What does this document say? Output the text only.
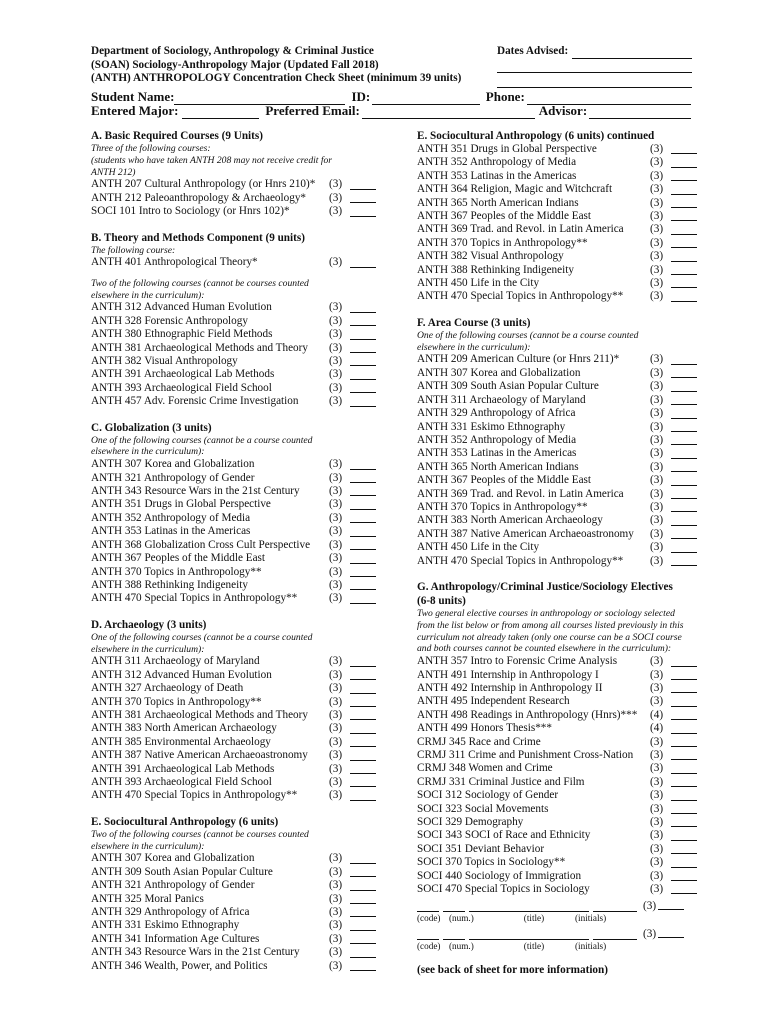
Department of Sociology, Anthropology & Criminal Justice
(SOAN) Sociology-Anthropology Major (Updated Fall 2018)
(ANTH) ANTHROPOLOGY Concentration Check Sheet (minimum 39 units)
Dates Advised:
Student Name:	ID:	Phone:
Entered Major:	Preferred Email:	Advisor:
A. Basic Required Courses (9 Units)
Three of the following courses:
(students who have taken ANTH 208 may not receive credit for
ANTH 212)
ANTH 207 Cultural Anthropology (or Hnrs 210)*	(3)
ANTH 212 Paleoanthropology & Archaeology*	(3)
SOCI 101 Intro to Sociology (or Hnrs 102)*	(3)
B. Theory and Methods Component (9 units)
The following course:
ANTH 401 Anthropological Theory*	(3)
Two of the following courses (cannot be courses counted
elsewhere in the curriculum):
ANTH 312 Advanced Human Evolution	(3)
ANTH 328 Forensic Anthropology	(3)
ANTH 380 Ethnographic Field Methods	(3)
ANTH 381 Archaeological Methods and Theory	(3)
ANTH 382 Visual Anthropology	(3)
ANTH 391 Archaeological Lab Methods	(3)
ANTH 393 Archaeological Field School	(3)
ANTH 457 Adv. Forensic Crime Investigation	(3)
C. Globalization (3 units)
One of the following courses (cannot be a course counted
elsewhere in the curriculum):
ANTH 307 Korea and Globalization	(3)
ANTH 321 Anthropology of Gender	(3)
ANTH 343 Resource Wars in the 21st Century	(3)
ANTH 351 Drugs in Global Perspective	(3)
ANTH 352 Anthropology of Media	(3)
ANTH 353 Latinas in the Americas	(3)
ANTH 368 Globalization Cross Cult Perspective	(3)
ANTH 367 Peoples of the Middle East	(3)
ANTH 370 Topics in Anthropology**	(3)
ANTH 388 Rethinking Indigeneity	(3)
ANTH 470 Special Topics in Anthropology**	(3)
D. Archaeology (3 units)
One of the following courses (cannot be a course counted
elsewhere in the curriculum):
ANTH 311 Archaeology of Maryland	(3)
ANTH 312 Advanced Human Evolution	(3)
ANTH 327 Archaeology of Death	(3)
ANTH 370 Topics in Anthropology**	(3)
ANTH 381 Archaeological Methods and Theory	(3)
ANTH 383 North American Archaeology	(3)
ANTH 385 Environmental Archaeology	(3)
ANTH 387 Native American Archaeoastronomy	(3)
ANTH 391 Archaeological Lab Methods	(3)
ANTH 393 Archaeological Field School	(3)
ANTH 470 Special Topics in Anthropology**	(3)
E. Sociocultural Anthropology (6 units)
Two of the following courses (cannot be courses counted
elsewhere in the curriculum):
ANTH 307 Korea and Globalization	(3)
ANTH 309 South Asian Popular Culture	(3)
ANTH 321 Anthropology of Gender	(3)
ANTH 325 Moral Panics	(3)
ANTH 329 Anthropology of Africa	(3)
ANTH 331 Eskimo Ethnography	(3)
ANTH 341 Information Age Cultures	(3)
ANTH 343 Resource Wars in the 21st Century	(3)
ANTH 346 Wealth, Power, and Politics	(3)
E. Sociocultural Anthropology (6 units) continued
ANTH 351 Drugs in Global Perspective	(3)
ANTH 352 Anthropology of Media	(3)
ANTH 353 Latinas in the Americas	(3)
ANTH 364 Religion, Magic and Witchcraft	(3)
ANTH 365 North American Indians	(3)
ANTH 367 Peoples of the Middle East	(3)
ANTH 369 Trad. and Revol. in Latin America	(3)
ANTH 370 Topics in Anthropology**	(3)
ANTH 382 Visual Anthropology	(3)
ANTH 388 Rethinking Indigeneity	(3)
ANTH 450 Life in the City	(3)
ANTH 470 Special Topics in Anthropology**	(3)
F. Area Course (3 units)
One of the following courses (cannot be a course counted
elsewhere in the curriculum):
ANTH 209 American Culture (or Hnrs 211)*	(3)
ANTH 307 Korea and Globalization	(3)
ANTH 309 South Asian Popular Culture	(3)
ANTH 311 Archaeology of Maryland	(3)
ANTH 329 Anthropology of Africa	(3)
ANTH 331 Eskimo Ethnography	(3)
ANTH 352 Anthropology of Media	(3)
ANTH 353 Latinas in the Americas	(3)
ANTH 365 North American Indians	(3)
ANTH 367 Peoples of the Middle East	(3)
ANTH 369 Trad. and Revol. in Latin America	(3)
ANTH 370 Topics in Anthropology**	(3)
ANTH 383 North American Archaeology	(3)
ANTH 387 Native American Archaeoastronomy	(3)
ANTH 450 Life in the City	(3)
ANTH 470 Special Topics in Anthropology**	(3)
G. Anthropology/Criminal Justice/Sociology Electives
(6-8 units)
Two general elective courses in anthropology or sociology selected
from the list below or from among all courses listed previously in this
curriculum not already taken (only one course can be a SOCI course
and both courses cannot be counted elsewhere in the curriculum):
ANTH 357 Intro to Forensic Crime Analysis	(3)
ANTH 491 Internship in Anthropology I	(3)
ANTH 492 Internship in Anthropology II	(3)
ANTH 495 Independent Research	(3)
ANTH 498 Readings in Anthropology (Hnrs)***	(4)
ANTH 499 Honors Thesis***	(4)
CRMJ 345 Race and Crime	(3)
CRMJ 311 Crime and Punishment Cross-Nation	(3)
CRMJ 348 Women and Crime	(3)
CRMJ 331 Criminal Justice and Film	(3)
SOCI 312 Sociology of Gender	(3)
SOCI 323 Social Movements	(3)
SOCI 329 Demography	(3)
SOCI 343 SOCI of Race and Ethnicity	(3)
SOCI 351 Deviant Behavior	(3)
SOCI 370 Topics in Sociology**	(3)
SOCI 440 Sociology of Immigration	(3)
SOCI 470 Special Topics in Sociology	(3)
(3)
(code) (num.)	(title)	(initials)
(3)
(code) (num.)	(title)	(initials)
(see back of sheet for more information)
